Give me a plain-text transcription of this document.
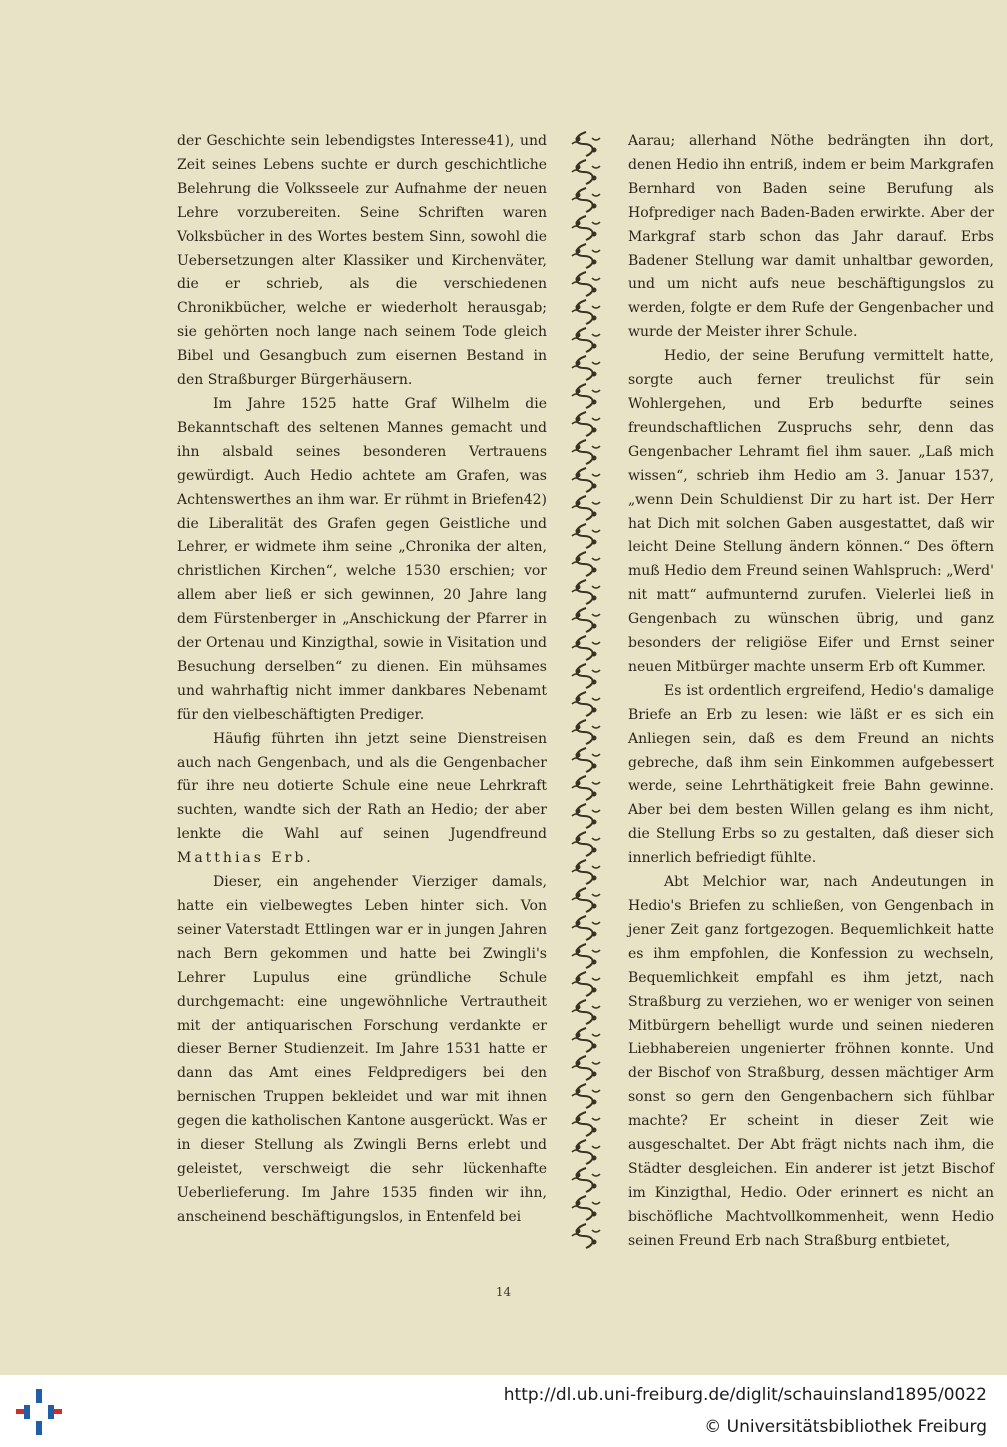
der Geschichte sein lebendigstes Interesse41), und Zeit seines Lebens suchte er durch geschichtliche Belehrung die Volksseele zur Aufnahme der neuen Lehre vorzubereiten. Seine Schriften waren Volksbücher in des Wortes bestem Sinn, sowohl die Uebersetzungen alter Klassiker und Kirchenväter, die er schrieb, als die verschiedenen Chronikbücher, welche er wiederholt herausgab; sie gehörten noch lange nach seinem Tode gleich Bibel und Gesangbuch zum eisernen Bestand in den Straßburger Bürgerhäusern.

Im Jahre 1525 hatte Graf Wilhelm die Bekanntschaft des seltenen Mannes gemacht und ihn alsbald seines besonderen Vertrauens gewürdigt. Auch Hedio achtete am Grafen, was Achtenswerthes an ihm war. Er rühmt in Briefen42) die Liberalität des Grafen gegen Geistliche und Lehrer, er widmete ihm seine „Chronika der alten, christlichen Kirchen“, welche 1530 erschien; vor allem aber ließ er sich gewinnen, 20 Jahre lang dem Fürstenberger in „Anschickung der Pfarrer in der Ortenau und Kinzigthal, sowie in Visitation und Besuchung derselben“ zu dienen. Ein mühsames und wahrhaftig nicht immer dankbares Nebenamt für den vielbeschäftigten Prediger.

Häufig führten ihn jetzt seine Dienstreisen auch nach Gengenbach, und als die Gengenbacher für ihre neu dotierte Schule eine neue Lehrkraft suchten, wandte sich der Rath an Hedio; der aber lenkte die Wahl auf seinen Jugendfreund Matthias Erb.

Dieser, ein angehender Vierziger damals, hatte ein vielbewegtes Leben hinter sich. Von seiner Vaterstadt Ettlingen war er in jungen Jahren nach Bern gekommen und hatte bei Zwingli's Lehrer Lupulus eine gründliche Schule durchgemacht: eine ungewöhnliche Vertrautheit mit der antiquarischen Forschung verdankte er dieser Berner Studienzeit. Im Jahre 1531 hatte er dann das Amt eines Feldpredigers bei den bernischen Truppen bekleidet und war mit ihnen gegen die katholischen Kantone ausgerückt. Was er in dieser Stellung als Zwingli Berns erlebt und geleistet, verschweigt die sehr lückenhafte Ueberlieferung. Im Jahre 1535 finden wir ihn, anscheinend beschäftigungslos, in Entenfeld bei

Aarau; allerhand Nöthe bedrängten ihn dort, denen Hedio ihn entriß, indem er beim Markgrafen Bernhard von Baden seine Berufung als Hofprediger nach Baden-Baden erwirkte. Aber der Markgraf starb schon das Jahr darauf. Erbs Badener Stellung war damit unhaltbar geworden, und um nicht aufs neue beschäftigungslos zu werden, folgte er dem Rufe der Gengenbacher und wurde der Meister ihrer Schule.

Hedio, der seine Berufung vermittelt hatte, sorgte auch ferner treulichst für sein Wohlergehen, und Erb bedurfte seines freundschaftlichen Zuspruchs sehr, denn das Gengenbacher Lehramt fiel ihm sauer. „Laß mich wissen“, schrieb ihm Hedio am 3. Januar 1537, „wenn Dein Schuldienst Dir zu hart ist. Der Herr hat Dich mit solchen Gaben ausgestattet, daß wir leicht Deine Stellung ändern können.“ Des öftern muß Hedio dem Freund seinen Wahlspruch: „Werd' nit matt“ aufmunternd zurufen. Vielerlei ließ in Gengenbach zu wünschen übrig, und ganz besonders der religiöse Eifer und Ernst seiner neuen Mitbürger machte unserm Erb oft Kummer.

Es ist ordentlich ergreifend, Hedio's damalige Briefe an Erb zu lesen: wie läßt er es sich ein Anliegen sein, daß es dem Freund an nichts gebreche, daß ihm sein Einkommen aufgebessert werde, seine Lehrthätigkeit freie Bahn gewinne. Aber bei dem besten Willen gelang es ihm nicht, die Stellung Erbs so zu gestalten, daß dieser sich innerlich befriedigt fühlte.

Abt Melchior war, nach Andeutungen in Hedio's Briefen zu schließen, von Gengenbach in jener Zeit ganz fortgezogen. Bequemlichkeit hatte es ihm empfohlen, die Konfession zu wechseln, Bequemlichkeit empfahl es ihm jetzt, nach Straßburg zu verziehen, wo er weniger von seinen Mitbürgern behelligt wurde und seinen niederen Liebhabereien ungenierter fröhnen konnte. Und der Bischof von Straßburg, dessen mächtiger Arm sonst so gern den Gengenbachern sich fühlbar machte? Er scheint in dieser Zeit wie ausgeschaltet. Der Abt frägt nichts nach ihm, die Städter desgleichen. Ein anderer ist jetzt Bischof im Kinzigthal, Hedio. Oder erinnert es nicht an bischöfliche Machtvollkommenheit, wenn Hedio seinen Freund Erb nach Straßburg entbietet,

14
http://dl.ub.uni-freiburg.de/diglit/schauinsland1895/0022
© Universitätsbibliothek Freiburg
